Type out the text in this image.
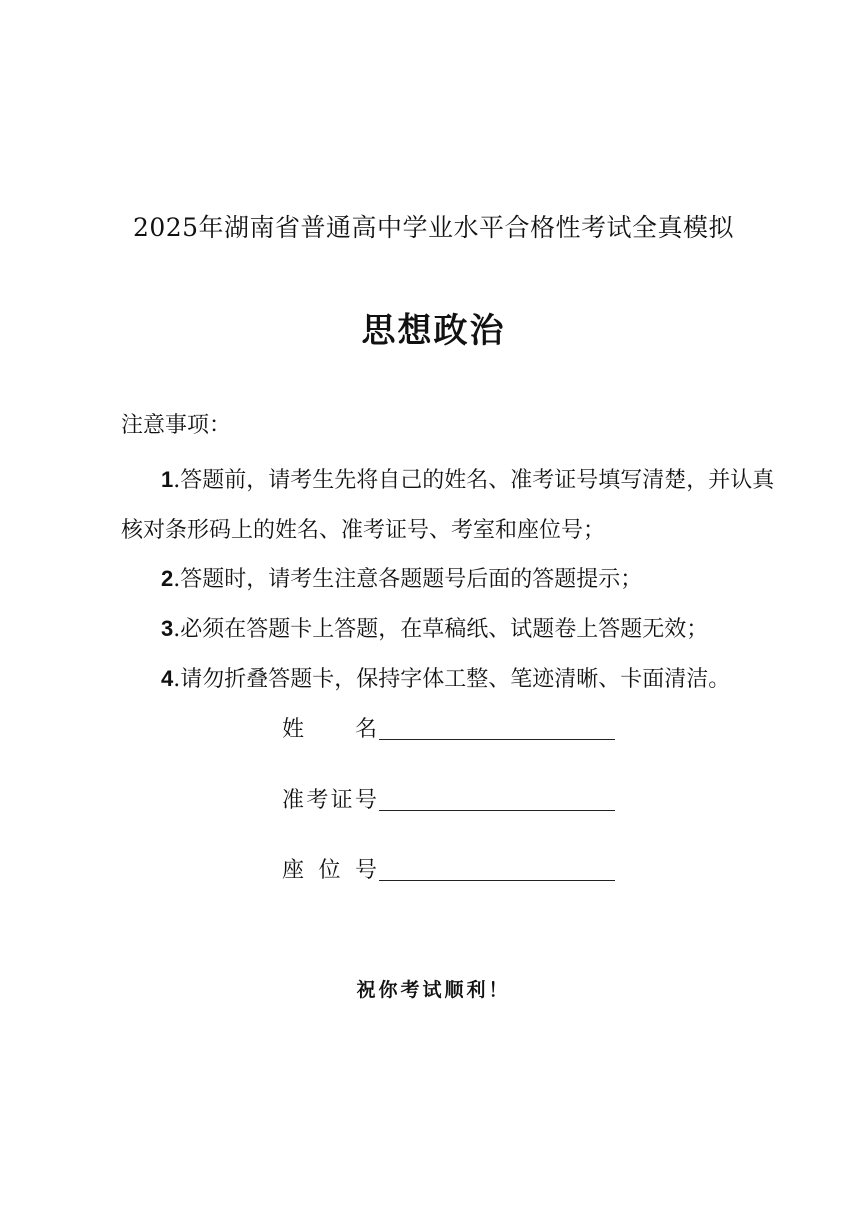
2025年湖南省普通高中学业水平合格性考试全真模拟
思想政治
注意事项：
1.答题前，请考生先将自己的姓名、准考证号填写清楚，并认真核对条形码上的姓名、准考证号、考室和座位号；
2.答题时，请考生注意各题题号后面的答题提示；
3.必须在答题卡上答题，在草稿纸、试题卷上答题无效；
4.请勿折叠答题卡，保持字体工整、笔迹清晰、卡面清洁。
姓 名
准考证号
座 位 号
祝你考试顺利！
